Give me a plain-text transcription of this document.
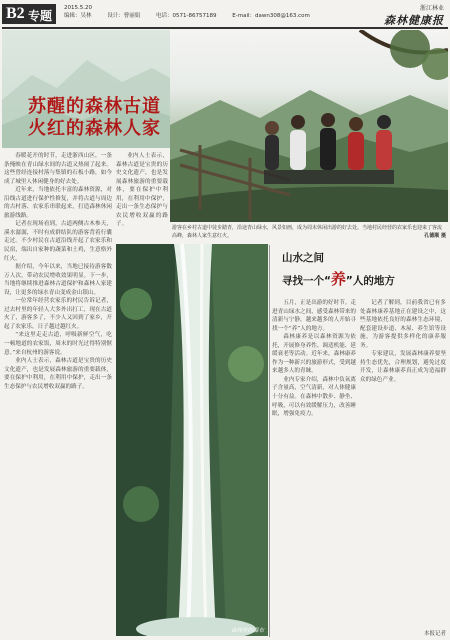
B2 专题
2015.5.20
编辑：吴林	设计：曹丽娟	电话：0571-86757189	E-mail：dawn308@163.com
浙江林业
森林健康报
苏醒的森林古道
火红的森林人家
游客在乡村古道中徒步踏青，沿途青山绿水，风景如画，成为周末休闲出游的好去处。当地村民经营的农家乐也迎来了客流高峰，森林人家生意红火。	孔德顺 摄

春暖花开的时节，走进浙西山区，一条条掩映在青山绿水间的古道又热闹了起来。这些曾经连接村落与集镇的石板小路，如今成了城里人休闲健身的好去处。

近年来，当地依托丰富的森林资源，对沿线古道进行保护性修复，并将古道与周边的古村落、农家乐串联起来，打造森林休闲旅游线路。

记者在现场看到，古道两侧古木参天，溪水潺潺，不时有成群结队的游客背着行囊走过。不少村民在古道沿线开起了农家乐和民宿，端出自家种的蔬菜和土鸡，生意格外红火。

据介绍，今年以来，当地已接待游客数万人次，带动农民增收效果明显。下一步，当地将继续推进森林古道保护和森林人家建设，让更多的绿水青山变成金山银山。

一位常年经营农家乐的村民告诉记者，过去村里的年轻人大多外出打工，现在古道火了，游客多了，不少人又回到了家乡，开起了农家乐，日子越过越红火。

“来这里走走古道，呼吸新鲜空气，吃一顿地道的农家饭，周末的时光过得特别惬意。”来自杭州的游客说。

业内人士表示，森林古道是宝贵的历史文化遗产，也是发展森林旅游的重要载体，要在保护中利用，在利用中保护，走出一条生态保护与农民增收双赢的路子。

业内人士表示，森林古道是宝贵的历史文化遗产，也是发展森林旅游的重要载体，要在保护中利用，在利用中保护，走出一条生态保护与农民增收双赢的路子。

森林里的瀑布
山水之间
寻找一个“养”人的地方

五月，正是出游的好时节。走进青山绿水之间，感受森林带来的清新与宁静，越来越多的人开始寻找一个“养”人的地方。

森林康养是以森林资源为依托，开展修身养性、调适机能、延缓衰老等活动。近年来，森林康养作为一种新兴的旅游形式，受到越来越多人的青睐。

业内专家介绍，森林中负氧离子含量高，空气清新，对人体健康十分有益。在森林中散步、静坐、呼吸，可以有效缓解压力，改善睡眠，增强免疫力。

记者了解到，目前我省已有多处森林康养基地正在建设之中，这些基地依托良好的森林生态环境，配套建设步道、木屋、养生馆等设施，为游客提供多样化的康养服务。

专家建议，发展森林康养要坚持生态优先，合理规划，避免过度开发，让森林康养真正成为造福群众的绿色产业。

本报记者
